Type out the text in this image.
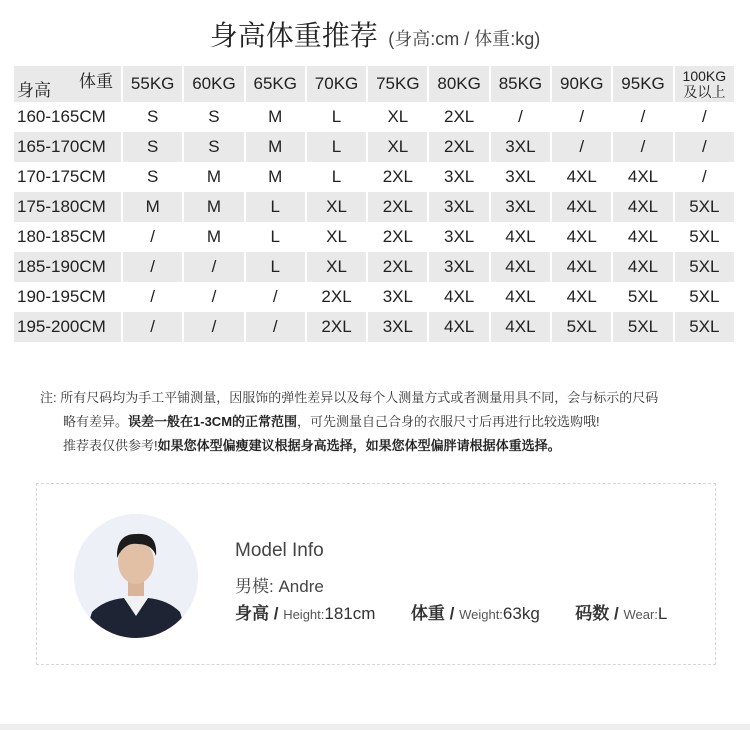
身高体重推荐 (身高:cm / 体重:kg)
体重
身高	55KG	60KG	65KG	70KG	75KG	80KG	85KG	90KG	95KG	100KG
及以上
160-165CM	S	S	M	L	XL	2XL	/	/	/	/
165-170CM	S	S	M	L	XL	2XL	3XL	/	/	/
170-175CM	S	M	M	L	2XL	3XL	3XL	4XL	4XL	/
175-180CM	M	M	L	XL	2XL	3XL	3XL	4XL	4XL	5XL
180-185CM	/	M	L	XL	2XL	3XL	4XL	4XL	4XL	5XL
185-190CM	/	/	L	XL	2XL	3XL	4XL	4XL	4XL	5XL
190-195CM	/	/	/	2XL	3XL	4XL	4XL	4XL	5XL	5XL
195-200CM	/	/	/	2XL	3XL	4XL	4XL	5XL	5XL	5XL
注: 所有尺码均为手工平铺测量，因服饰的弹性差异以及每个人测量方式或者测量用具不同，会与标示的尺码
略有差异。误差一般在1-3CM的正常范围，可先测量自己合身的衣服尺寸后再进行比较选购哦!
推荐表仅供参考!如果您体型偏瘦建议根据身高选择，如果您体型偏胖请根据体重选择。
Model Info
男模: Andre
身高 / Height:181cm 体重 / Weight:63kg 码数 / Wear:L
